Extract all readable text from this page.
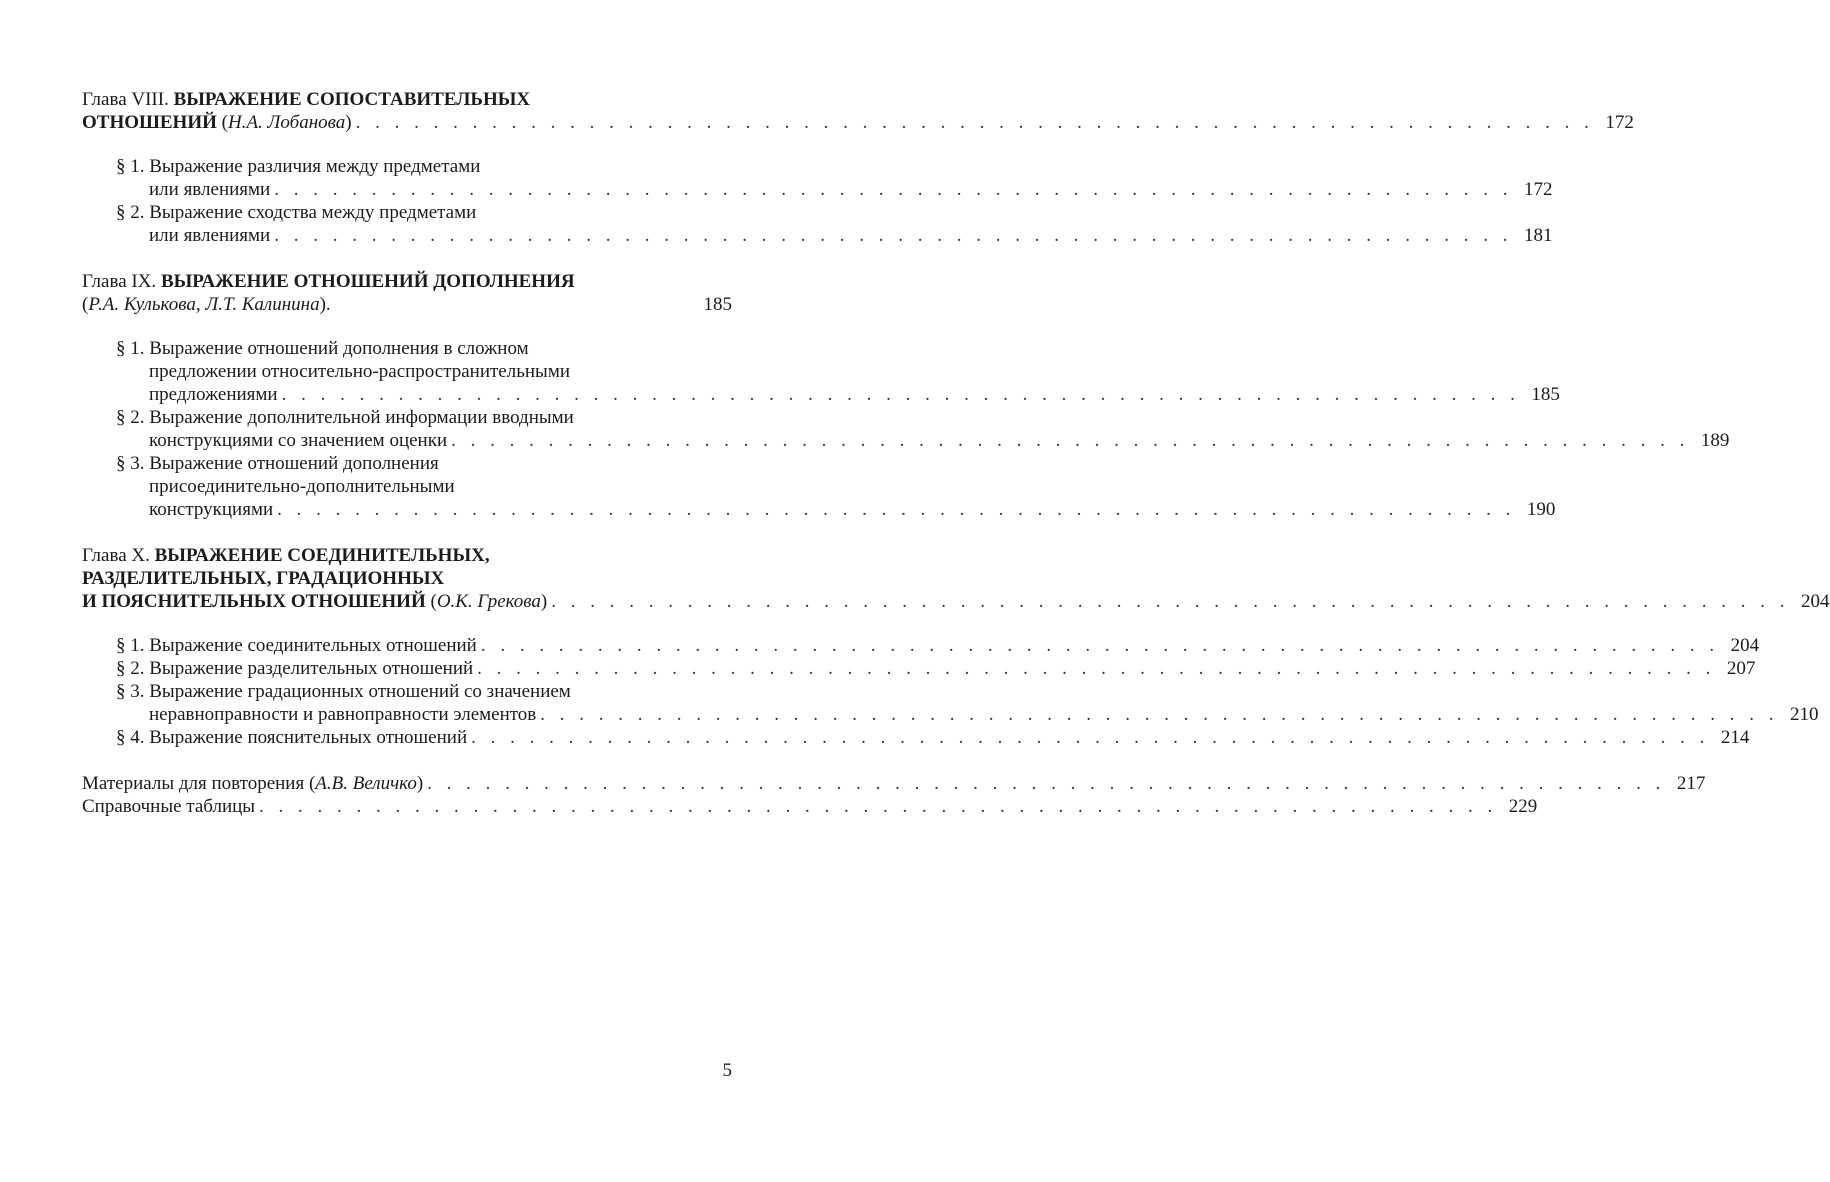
Глава VIII. ВЫРАЖЕНИЕ СОПОСТАВИТЕЛЬНЫХ
ОТНОШЕНИЙ (Н.А. Лобанова) . . . . . . . . . . . . . . . . . . . . . . . . . . . . . . . . . . . . . . . . . . . . . . . . . . . . . . . . . . . . . . . . 172
§ 1. Выражение различия между предметами
или явлениями . . . . . . . . . . . . . . . . . . . . . . . . . . . . . . . . . . . . . . . . . . . . . . . . . . . . . . . . . . . . . . . . 172
§ 2. Выражение сходства между предметами
или явлениями . . . . . . . . . . . . . . . . . . . . . . . . . . . . . . . . . . . . . . . . . . . . . . . . . . . . . . . . . . . . . . . . 181
Глава IX. ВЫРАЖЕНИЕ ОТНОШЕНИЙ ДОПОЛНЕНИЯ
(Р.А. Кулькова, Л.Т. Калинина).	185
§ 1. Выражение отношений дополнения в сложном
предложении относительно-распространительными
предложениями . . . . . . . . . . . . . . . . . . . . . . . . . . . . . . . . . . . . . . . . . . . . . . . . . . . . . . . . . . . . . . . . 185
§ 2. Выражение дополнительной информации вводными
конструкциями со значением оценки . . . . . . . . . . . . . . . . . . . . . . . . . . . . . . . . . . . . . . . . . . . . . . . . . . . . . . . . . . . . . . . . 189
§ 3. Выражение отношений дополнения
присоединительно-дополнительными
конструкциями . . . . . . . . . . . . . . . . . . . . . . . . . . . . . . . . . . . . . . . . . . . . . . . . . . . . . . . . . . . . . . . . 190
Глава X. ВЫРАЖЕНИЕ СОЕДИНИТЕЛЬНЫХ,
РАЗДЕЛИТЕЛЬНЫХ, ГРАДАЦИОННЫХ
И ПОЯСНИТЕЛЬНЫХ ОТНОШЕНИЙ (О.К. Грекова) . . . . . . . . . . . . . . . . . . . . . . . . . . . . . . . . . . . . . . . . . . . . . . . . . . . . . . . . . . . . . . . . 204
§ 1. Выражение соединительных отношений . . . . . . . . . . . . . . . . . . . . . . . . . . . . . . . . . . . . . . . . . . . . . . . . . . . . . . . . . . . . . . . . 204
§ 2. Выражение разделительных отношений . . . . . . . . . . . . . . . . . . . . . . . . . . . . . . . . . . . . . . . . . . . . . . . . . . . . . . . . . . . . . . . . 207
§ 3. Выражение градационных отношений со значением
неравноправности и равноправности элементов . . . . . . . . . . . . . . . . . . . . . . . . . . . . . . . . . . . . . . . . . . . . . . . . . . . . . . . . . . . . . . . . 210
§ 4. Выражение пояснительных отношений . . . . . . . . . . . . . . . . . . . . . . . . . . . . . . . . . . . . . . . . . . . . . . . . . . . . . . . . . . . . . . . . 214
Материалы для повторения (А.В. Величко) . . . . . . . . . . . . . . . . . . . . . . . . . . . . . . . . . . . . . . . . . . . . . . . . . . . . . . . . . . . . . . . . 217
Справочные таблицы . . . . . . . . . . . . . . . . . . . . . . . . . . . . . . . . . . . . . . . . . . . . . . . . . . . . . . . . . . . . . . . . 229
5
